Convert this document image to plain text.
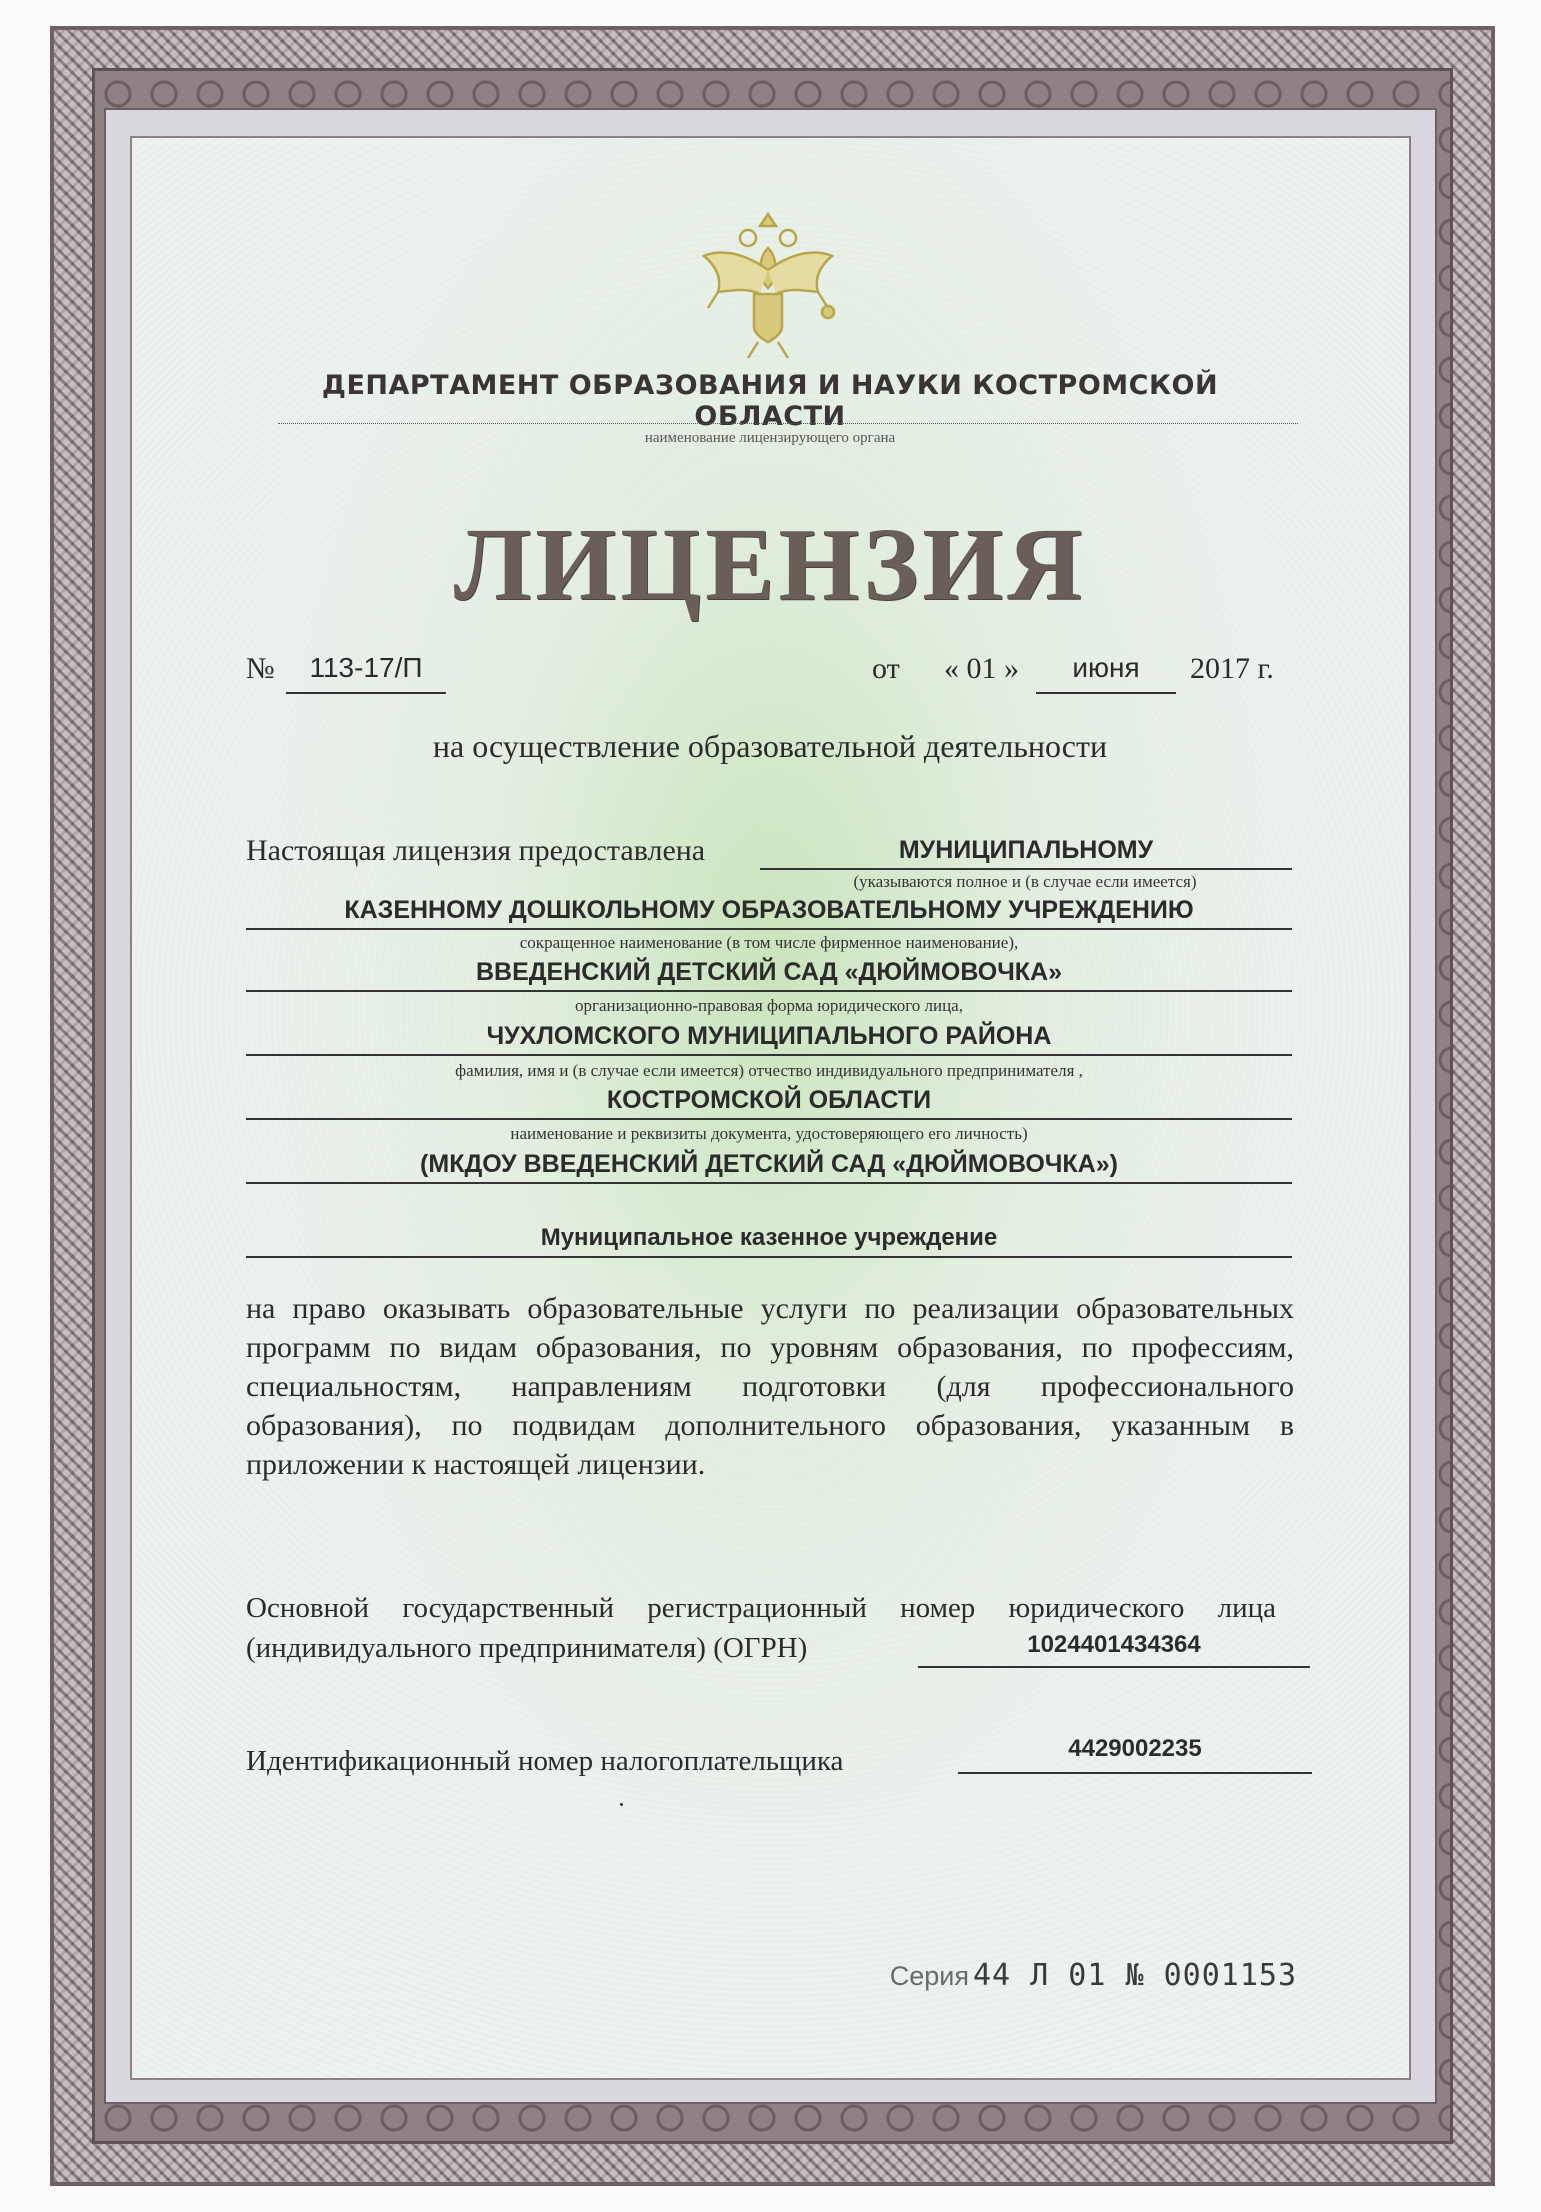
ДЕПАРТАМЕНТ ОБРАЗОВАНИЯ И НАУКИ КОСТРОМСКОЙ ОБЛАСТИ
наименование лицензирующего органа
ЛИЦЕНЗИЯ
№	113-17/П	от « 01 »	июня	2017 г.
на осуществление образовательной деятельности
Настоящая лицензия предоставлена	МУНИЦИПАЛЬНОМУ
(указываются полное и (в случае если имеется)
КАЗЕННОМУ ДОШКОЛЬНОМУ ОБРАЗОВАТЕЛЬНОМУ УЧРЕЖДЕНИЮ
сокращенное наименование (в том числе фирменное наименование),
ВВЕДЕНСКИЙ ДЕТСКИЙ САД «ДЮЙМОВОЧКА»
организационно-правовая форма юридического лица,
ЧУХЛОМСКОГО МУНИЦИПАЛЬНОГО РАЙОНА
фамилия, имя и (в случае если имеется) отчество индивидуального предпринимателя ,
КОСТРОМСКОЙ ОБЛАСТИ
наименование и реквизиты документа, удостоверяющего его личность)
(МКДОУ ВВЕДЕНСКИЙ ДЕТСКИЙ САД «ДЮЙМОВОЧКА»)
Муниципальное казенное учреждение
на право оказывать образовательные услуги по реализации образовательных программ по видам образования, по уровням образования, по профессиям, специальностям, направлениям подготовки (для профессионального образования), по подвидам дополнительного образования, указанным в приложении к настоящей лицензии.
Основной государственный регистрационный номер юридического лица
(индивидуального предпринимателя) (ОГРН)	1024401434364
Идентификационный номер налогоплательщика	4429002235
Серия 44 Л 01 № 0001153
